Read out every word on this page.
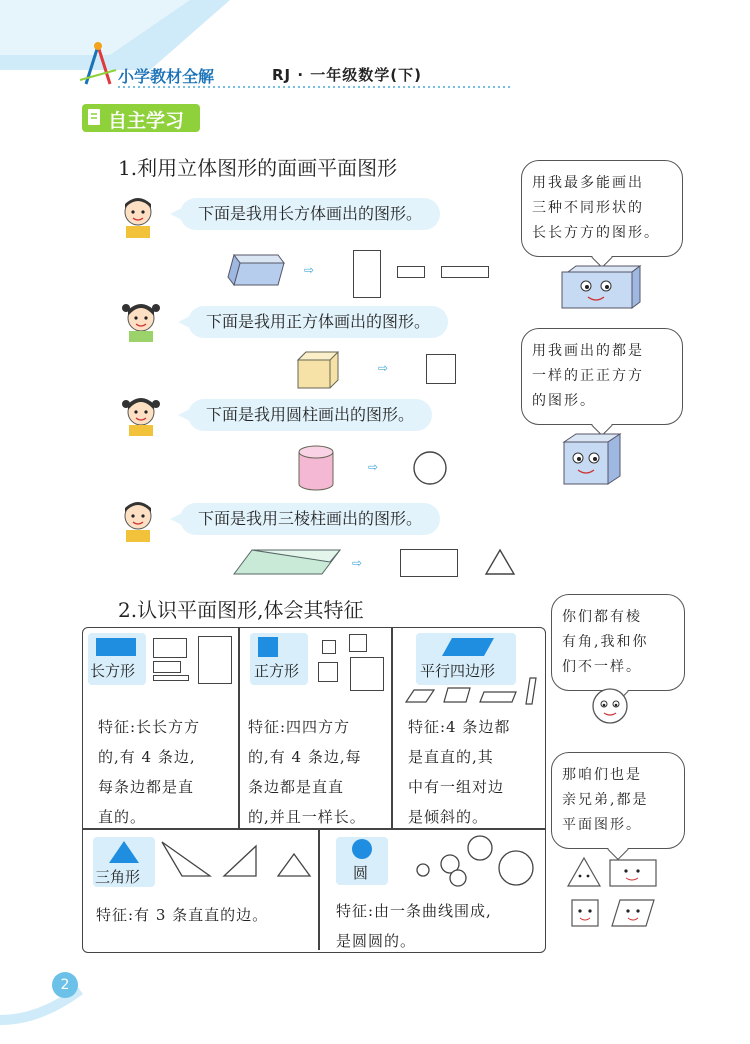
小学教材全解	RJ · 一年级数学(下)
自主学习
1.利用立体图形的面画平面图形
下面是我用长方体画出的图形。
⇨
下面是我用正方体画出的图形。
⇨
下面是我用圆柱画出的图形。
⇨
下面是我用三棱柱画出的图形。
⇨
用我最多能画出
三种不同形状的
长长方方的图形。
用我画出的都是
一样的正正方方
的图形。
2.认识平面图形,体会其特征
长方形
特征:长长方方
的,有 4 条边,
每条边都是直
直的。
正方形
特征:四四方方
的,有 4 条边,每
条边都是直直
的,并且一样长。
平行四边形
特征:4 条边都
是直直的,其
中有一组对边
是倾斜的。
三角形
特征:有 3 条直直的边。
圆
特征:由一条曲线围成,
是圆圆的。
你们都有棱
有角,我和你
们不一样。
那咱们也是
亲兄弟,都是
平面图形。
2
